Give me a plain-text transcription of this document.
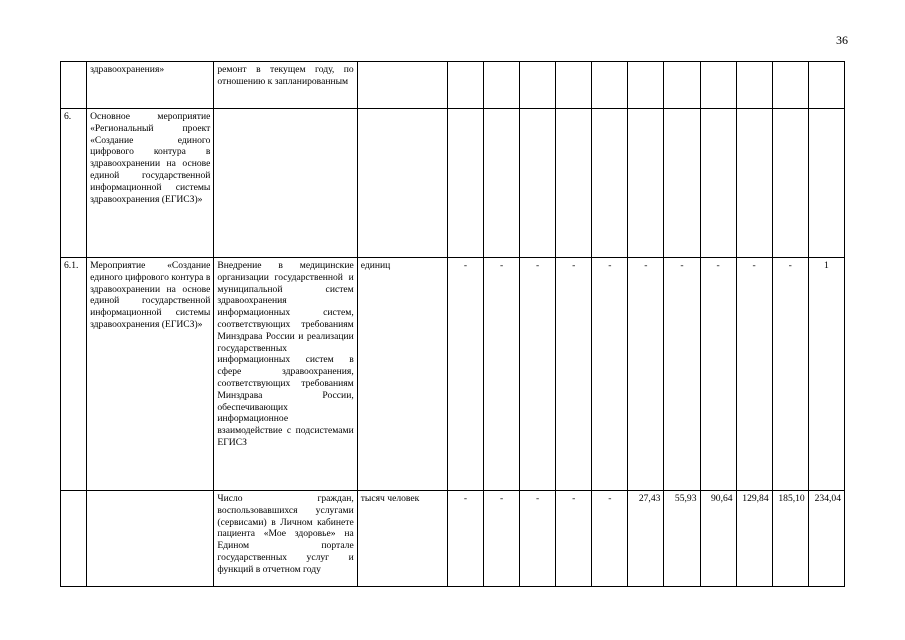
36
	здравоохранения»	ремонт в текущем году, по отношению к запланированным												
6.	Основное мероприятие «Региональный проект «Создание единого цифрового контура в здравоохранении на основе единой государственной информационной системы здравоохранения (ЕГИСЗ)»													
6.1.	Мероприятие «Создание единого цифрового контура в здравоохранении на основе единой государственной информационной системы здравоохранения (ЕГИСЗ)»	Внедрение в медицинские организации государственной и муниципальной систем здравоохранения информационных систем, соответствующих требованиям Минздрава России и реализации государственных информационных систем в сфере здравоохранения, соответствующих требованиям Минздрава России, обеспечивающих информационное взаимодействие с подсистемами ЕГИСЗ	единиц	-	-	-	-	-	-	-	-	-	-	1
		Число граждан, воспользовавшихся услугами (сервисами) в Личном кабинете пациента «Мое здоровье» на Едином портале государственных услуг и функций в отчетном году	тысяч человек	-	-	-	-	-	27,43	55,93	90,64	129,84	185,10	234,04
